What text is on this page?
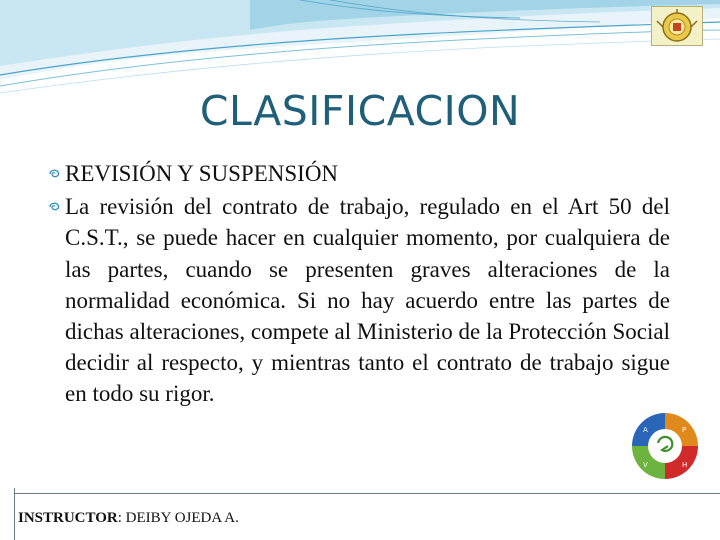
CLASIFICACION
REVISIÓN Y SUSPENSIÓN
La revisión del contrato de trabajo, regulado en el Art 50 del C.S.T., se puede hacer en cualquier momento, por cualquiera de las partes, cuando se presenten graves alteraciones de la normalidad económica. Si no hay acuerdo entre las partes de dichas alteraciones, compete al Ministerio de la Protección Social decidir al respecto, y mientras tanto el contrato de trabajo sigue en todo su rigor.
A	P
V	H
INSTRUCTOR: DEIBY OJEDA A.
